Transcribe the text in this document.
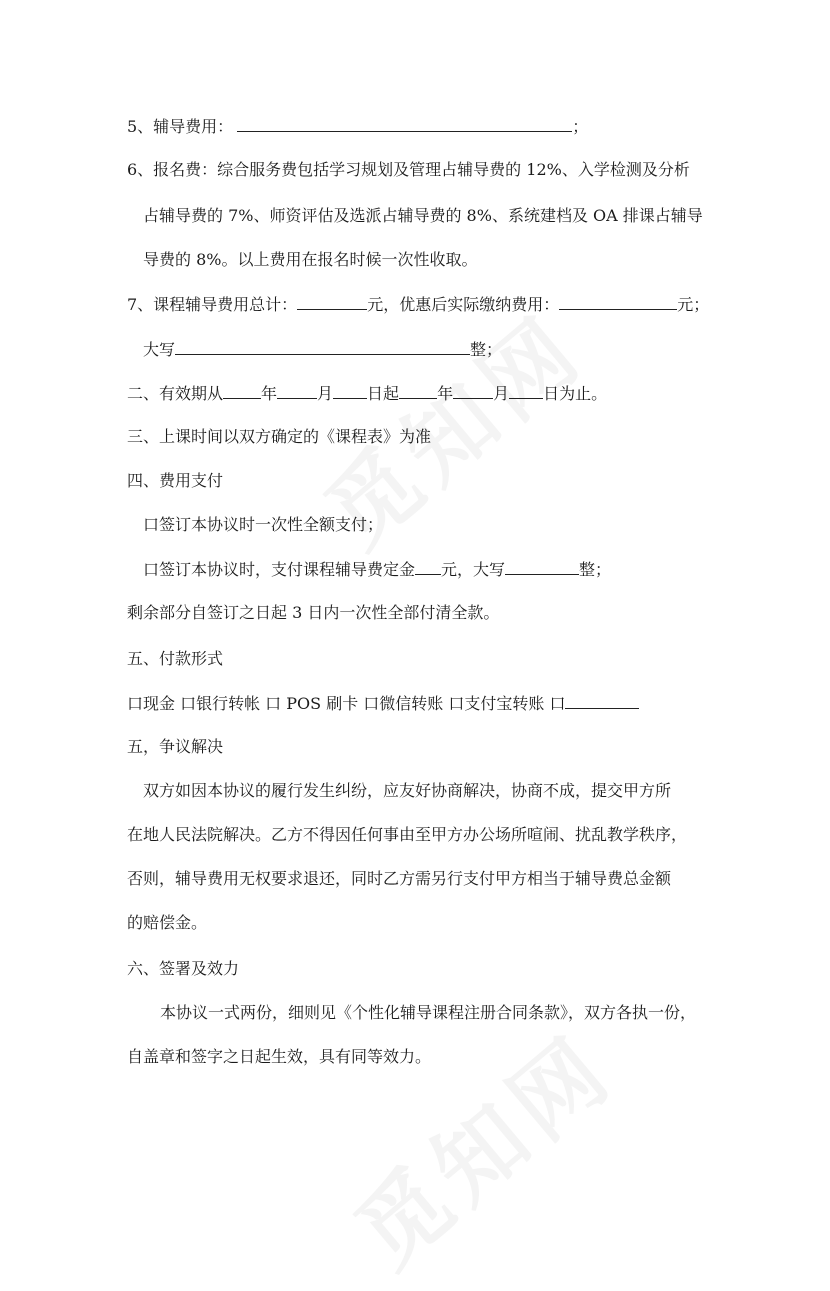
5、辅导费用：	；
6、报名费：综合服务费包括学习规划及管理占辅导费的 12%、入学检测及分析
占辅导费的 7%、师资评估及选派占辅导费的 8%、系统建档及 OA 排课占辅导
导费的 8%。以上费用在报名时候一次性收取。
7、课程辅导费用总计：	元，优惠后实际缴纳费用：	元；
大写	整；
二、有效期从 年	月 日起 年	月 日为止。
三、上课时间以双方确定的《课程表》为准
四、费用支付
口签订本协议时一次性全额支付；
口签订本协议时，支付课程辅导费定金 元，大写	整；
剩余部分自签订之日起 3 日内一次性全部付清全款。
五、付款形式
口现金 口银行转帐 口 POS 刷卡 口微信转账 口支付宝转账 口
五，争议解决
双方如因本协议的履行发生纠纷，应友好协商解决，协商不成，提交甲方所
在地人民法院解决。乙方不得因任何事由至甲方办公场所喧闹、扰乱教学秩序，
否则，辅导费用无权要求退还，同时乙方需另行支付甲方相当于辅导费总金额
的赔偿金。
六、签署及效力
本协议一式两份，细则见《个性化辅导课程注册合同条款》，双方各执一份，
自盖章和签字之日起生效，具有同等效力。
